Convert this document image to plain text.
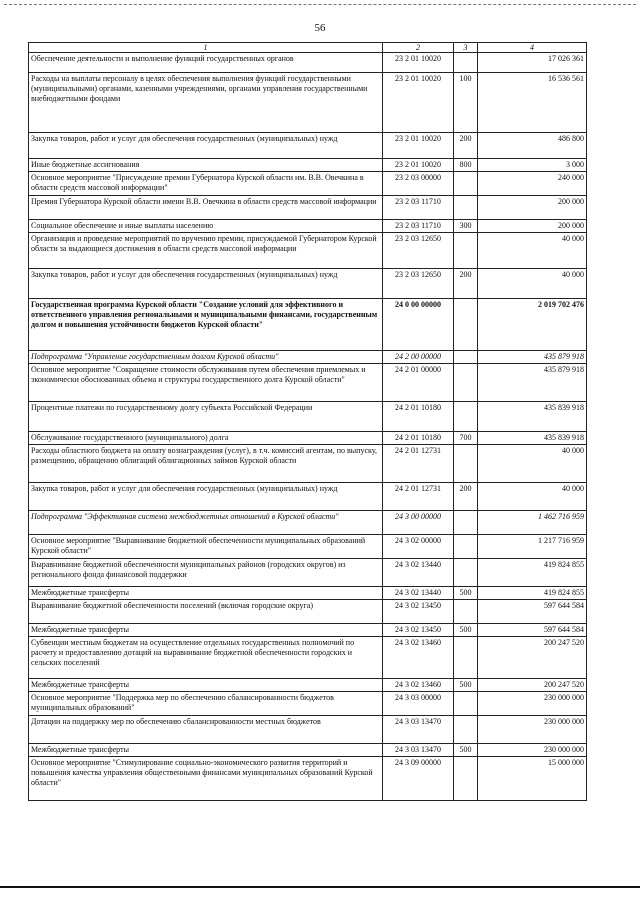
56
1	2	3	4
Обеспечение деятельности и выполнение функций государственных органов	23 2 01 10020		17 026 361
Расходы на выплаты персоналу в целях обеспечения выполнения функций государственными (муниципальными) органами, казенными учреждениями, органами управления государственными внебюджетными фондами	23 2 01 10020	100	16 536 561
Закупка товаров, работ и услуг для обеспечения государственных (муниципальных) нужд	23 2 01 10020	200	486 800
Иные бюджетные ассигнования	23 2 01 10020	800	3 000
Основное мероприятие "Присуждение премии Губернатора Курской области им. В.В. Овечкина в области средств массовой информации"	23 2 03 00000		240 000
Премия Губернатора Курской области имени В.В. Овечкина в области средств массовой информации	23 2 03 11710		200 000
Социальное обеспечение и иные выплаты населению	23 2 03 11710	300	200 000
Организация и проведение мероприятий по вручению премии, присуждаемой Губернатором Курской области за выдающиеся достижения в области средств массовой информации	23 2 03 12650		40 000
Закупка товаров, работ и услуг для обеспечения государственных (муниципальных) нужд	23 2 03 12650	200	40 000
Государственная программа Курской области "Создание условий для эффективного и ответственного управления региональными и муниципальными финансами, государственным долгом и повышения устойчивости бюджетов Курской области"	24 0 00 00000		2 019 702 476
Подпрограмма "Управление государственным долгом Курской области"	24 2 00 00000		435 879 918
Основное мероприятие "Сокращение стоимости обслуживания путем обеспечения приемлемых и экономически обоснованных объема и структуры государственного долга Курской области"	24 2 01 00000		435 879 918
Процентные платежи по государственному долгу субъекта Российской Федерации	24 2 01 10180		435 839 918
Обслуживание государственного (муниципального) долга	24 2 01 10180	700	435 839 918
Расходы областного бюджета на оплату вознаграждения (услуг), в т.ч. комиссий агентам, по выпуску, размещению, обращению облигаций облигационных займов Курской области	24 2 01 12731		40 000
Закупка товаров, работ и услуг для обеспечения государственных (муниципальных) нужд	24 2 01 12731	200	40 000
Подпрограмма "Эффективная система межбюджетных отношений в Курской области"	24 3 00 00000		1 462 716 959
Основное мероприятие "Выравнивание бюджетной обеспеченности муниципальных образований Курской области"	24 3 02 00000		1 217 716 959
Выравнивание бюджетной обеспеченности муниципальных районов (городских округов) из регионального фонда финансовой поддержки	24 3 02 13440		419 824 855
Межбюджетные трансферты	24 3 02 13440	500	419 824 855
Выравнивание бюджетной обеспеченности поселений (включая городские округа)	24 3 02 13450		597 644 584
Межбюджетные трансферты	24 3 02 13450	500	597 644 584
Субвенции местным бюджетам на осуществление отдельных государственных полномочий по расчету и предоставлению дотаций на выравнивание бюджетной обеспеченности городских и сельских поселений	24 3 02 13460		200 247 520
Межбюджетные трансферты	24 3 02 13460	500	200 247 520
Основное мероприятие "Поддержка мер по обеспечению сбалансированности бюджетов муниципальных образований"	24 3 03 00000		230 000 000
Дотации на поддержку мер по обеспечению сбалансированности местных бюджетов	24 3 03 13470		230 000 000
Межбюджетные трансферты	24 3 03 13470	500	230 000 000
Основное мероприятие "Стимулирование социально-экономического развития территорий и повышения качества управления общественными финансами муниципальных образований Курской области"	24 3 09 00000		15 000 000
